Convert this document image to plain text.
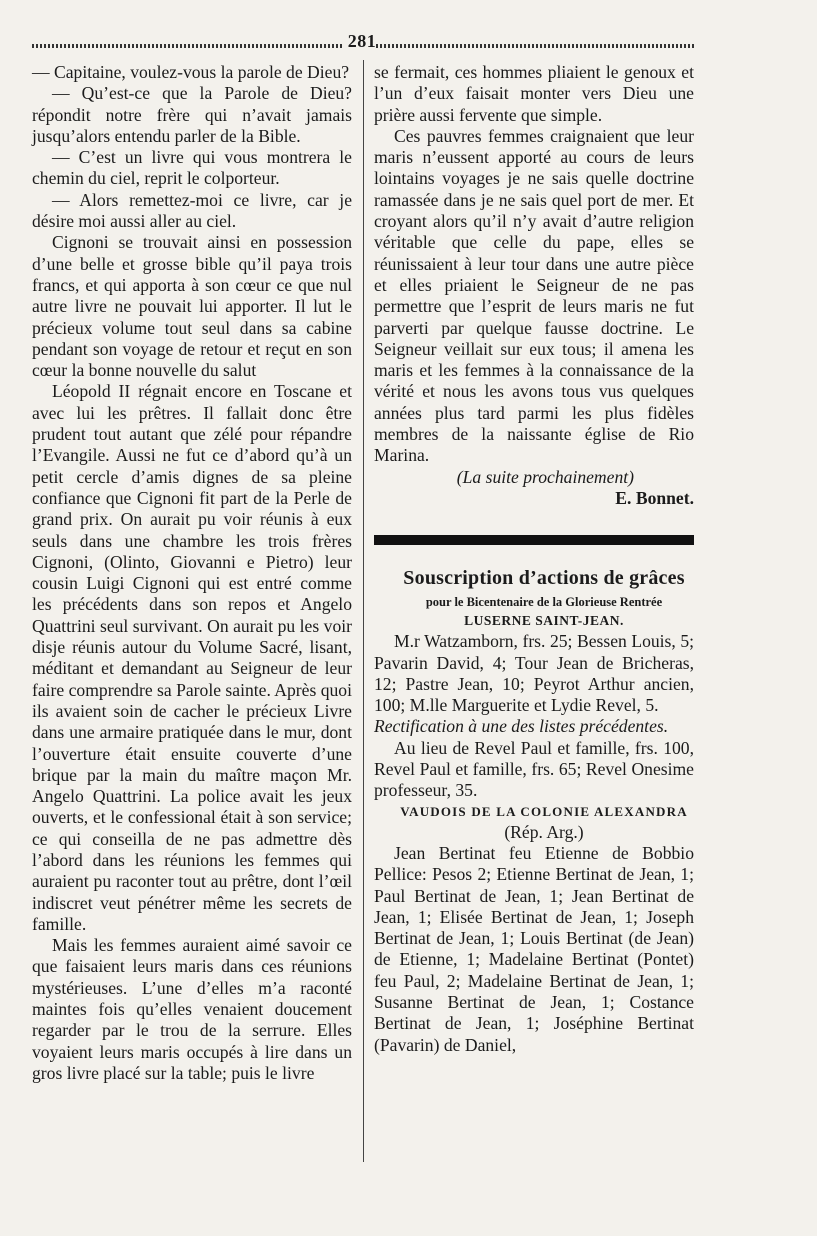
281

— Capitaine, voulez-vous la parole de Dieu?

— Qu’est-ce que la Parole de Dieu? répondit notre frère qui n’avait jamais jusqu’alors entendu parler de la Bible.

— C’est un livre qui vous montrera le chemin du ciel, reprit le colporteur.

— Alors remettez-moi ce livre, car je désire moi aussi aller au ciel.

Cignoni se trouvait ainsi en possession d’une belle et grosse bible qu’il paya trois francs, et qui apporta à son cœur ce que nul autre livre ne pouvait lui apporter. Il lut le précieux volume tout seul dans sa cabine pendant son voyage de retour et reçut en son cœur la bonne nouvelle du salut

Léopold II régnait encore en Toscane et avec lui les prêtres. Il fallait donc être prudent tout autant que zélé pour répandre l’Evangile. Aussi ne fut ce d’abord qu’à un petit cercle d’amis dignes de sa pleine confiance que Cignoni fit part de la Perle de grand prix. On aurait pu voir réunis à eux seuls dans une chambre les trois frères Cignoni, (Olinto, Giovanni e Pietro) leur cousin Luigi Cignoni qui est entré comme les précédents dans son repos et Angelo Quattrini seul survivant. On aurait pu les voir disje réunis autour du Volume Sacré, lisant, méditant et demandant au Seigneur de leur faire comprendre sa Parole sainte. Après quoi ils avaient soin de cacher le précieux Livre dans une armaire pratiquée dans le mur, dont l’ouverture était ensuite couverte d’une brique par la main du maître maçon Mr. Angelo Quattrini. La police avait les jeux ouverts, et le confessional était à son service; ce qui conseilla de ne pas admettre dès l’abord dans les réunions les femmes qui auraient pu raconter tout au prêtre, dont l’œil indiscret veut pénétrer même les secrets de famille.

Mais les femmes auraient aimé savoir ce que faisaient leurs maris dans ces réunions mystérieuses. L’une d’elles m’a raconté maintes fois qu’elles venaient doucement regarder par le trou de la serrure. Elles voyaient leurs maris occupés à lire dans un gros livre placé sur la table; puis le livre

se fermait, ces hommes pliaient le genoux et l’un d’eux faisait monter vers Dieu une prière aussi fervente que simple.

Ces pauvres femmes craignaient que leur maris n’eussent apporté au cours de leurs lointains voyages je ne sais quelle doctrine ramassée dans je ne sais quel port de mer. Et croyant alors qu’il n’y avait d’autre religion véritable que celle du pape, elles se réunissaient à leur tour dans une autre pièce et elles priaient le Seigneur de ne pas permettre que l’esprit de leurs maris ne fut parverti par quelque fausse doctrine. Le Seigneur veillait sur eux tous; il amena les maris et les femmes à la connaissance de la vérité et nous les avons tous vus quelques années plus tard parmi les plus fidèles membres de la naissante église de Rio Marina.

(La suite prochainement)

E. Bonnet.

Souscription d’actions de grâces

pour le Bicentenaire de la Glorieuse Rentrée

LUSERNE SAINT-JEAN.

M.r Watzamborn, frs. 25; Bessen Louis, 5; Pavarin David, 4; Tour Jean de Bricheras, 12; Pastre Jean, 10; Peyrot Arthur ancien, 100; M.lle Marguerite et Lydie Revel, 5.

Rectification à une des listes précédentes.

Au lieu de Revel Paul et famille, frs. 100, Revel Paul et famille, frs. 65; Revel Onesime professeur, 35.

VAUDOIS DE LA COLONIE ALEXANDRA

(Rép. Arg.)

Jean Bertinat feu Etienne de Bobbio Pellice: Pesos 2; Etienne Bertinat de Jean, 1; Paul Bertinat de Jean, 1; Jean Bertinat de Jean, 1; Elisée Bertinat de Jean, 1; Joseph Bertinat de Jean, 1; Louis Bertinat (de Jean) de Etienne, 1; Madelaine Bertinat (Pontet) feu Paul, 2; Madelaine Bertinat de Jean, 1; Susanne Bertinat de Jean, 1; Costance Bertinat de Jean, 1; Joséphine Bertinat (Pavarin) de Daniel,
